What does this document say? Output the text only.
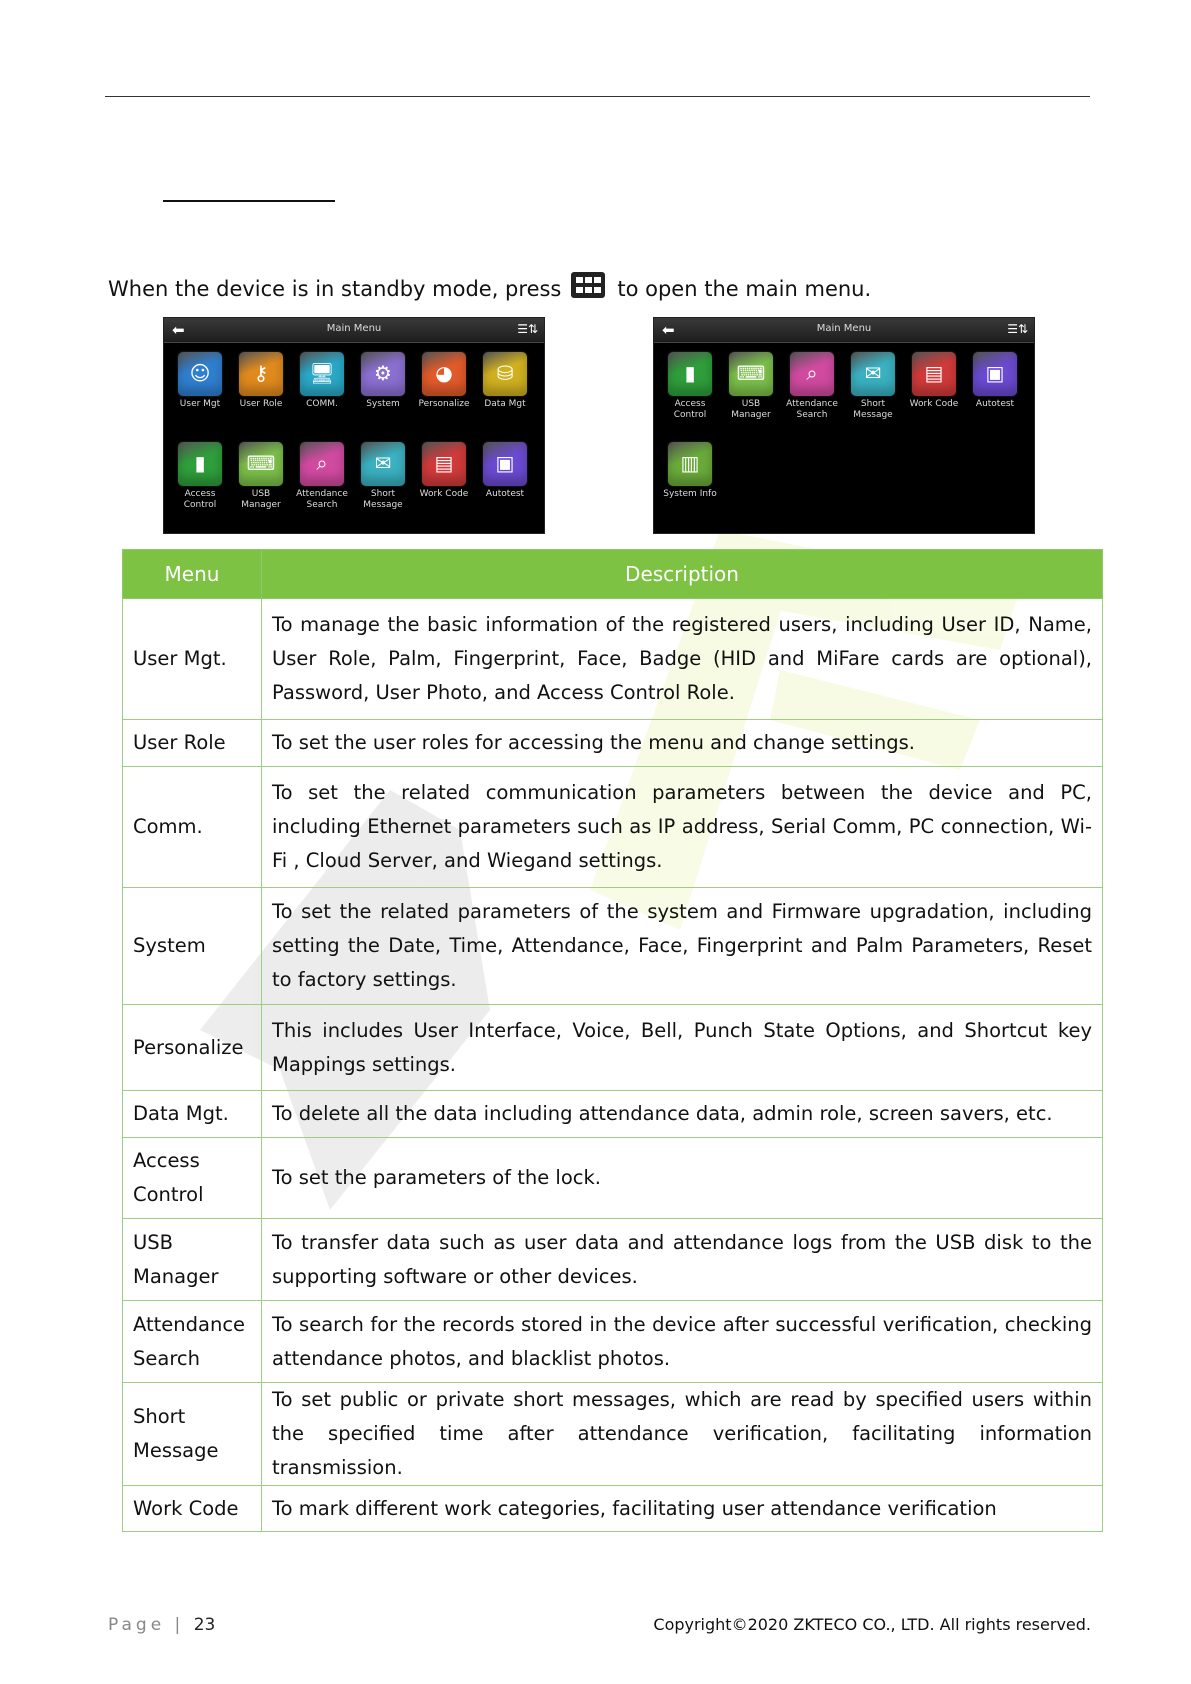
When the device is in standby mode, press	to open the main menu.
⬅	Main Menu	☰⇅
☺
User Mgt
⚷
User Role
🖥
COMM.
⚙
System
◕
Personalize
⛁
Data Mgt
▮
Access Control
⌨
USB Manager
⌕
Attendance Search
✉
Short Message
▤
Work Code
▣
Autotest
⬅	Main Menu	☰⇅
▮
Access Control
⌨
USB Manager
⌕
Attendance Search
✉
Short Message
▤
Work Code
▣
Autotest
▥
System Info
Menu	Description
User Mgt.	To manage the basic information of the registered users, including User ID, Name, User Role, Palm, Fingerprint, Face, Badge (HID and MiFare cards are optional), Password, User Photo, and Access Control Role.
User Role	To set the user roles for accessing the menu and change settings.
Comm.	To set the related communication parameters between the device and PC, including Ethernet parameters such as IP address, Serial Comm, PC connection, Wi-Fi , Cloud Server, and Wiegand settings.
System	To set the related parameters of the system and Firmware upgradation, including setting the Date, Time, Attendance, Face, Fingerprint and Palm Parameters, Reset to factory settings.
Personalize	This includes User Interface, Voice, Bell, Punch State Options, and Shortcut key Mappings settings.
Data Mgt.	To delete all the data including attendance data, admin role, screen savers, etc.
Access Control	To set the parameters of the lock.
USB Manager	To transfer data such as user data and attendance logs from the USB disk to the supporting software or other devices.
Attendance Search	To search for the records stored in the device after successful verification, checking attendance photos, and blacklist photos.
Short Message	To set public or private short messages, which are read by specified users within the specified time after attendance verification, facilitating information transmission.
Work Code	To mark different work categories, facilitating user attendance verification
Page | 23	Copyright©2020 ZKTECO CO., LTD. All rights reserved.
